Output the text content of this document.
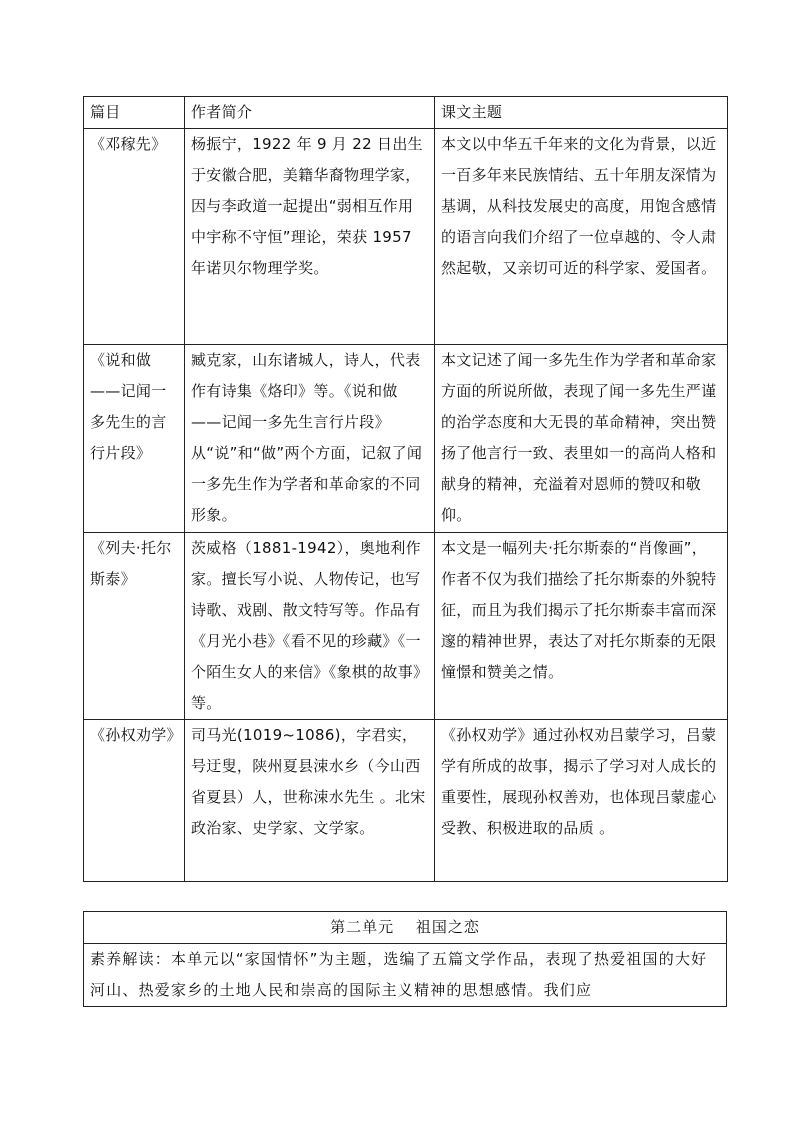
篇目	作者简介	课文主题
《邓稼先》	杨振宁，1922 年 9 月 22 日出生于安徽合肥，美籍华裔物理学家，因与李政道一起提出“弱相互作用中宇称不守恒”理论，荣获 1957 年诺贝尔物理学奖。	本文以中华五千年来的文化为背景，以近一百多年来民族情结、五十年朋友深情为基调，从科技发展史的高度，用饱含感情的语言向我们介绍了一位卓越的、令人肃然起敬，又亲切可近的科学家、爱国者。
《说和做——记闻一多先生的言行片段》	臧克家，山东诸城人，诗人，代表作有诗集《烙印》等。《说和做——记闻一多先生言行片段》从“说”和“做”两个方面，记叙了闻一多先生作为学者和革命家的不同形象。	本文记述了闻一多先生作为学者和革命家方面的所说所做，表现了闻一多先生严谨的治学态度和大无畏的革命精神，突出赞扬了他言行一致、表里如一的高尚人格和献身的精神，充溢着对恩师的赞叹和敬仰。
《列夫·托尔斯泰》	茨威格（1881-1942），奥地利作家。擅长写小说、人物传记，也写诗歌、戏剧、散文特写等。作品有《月光小巷》《看不见的珍藏》《一个陌生女人的来信》《象棋的故事》等。	本文是一幅列夫·托尔斯泰的“肖像画”，作者不仅为我们描绘了托尔斯泰的外貌特征，而且为我们揭示了托尔斯泰丰富而深邃的精神世界，表达了对托尔斯泰的无限憧憬和赞美之情。
《孙权劝学》	司马光(1019~1086)，字君实，号迂叟，陕州夏县涑水乡（今山西省夏县）人，世称涑水先生 。北宋政治家、史学家、文学家。	《孙权劝学》通过孙权劝吕蒙学习，吕蒙学有所成的故事，揭示了学习对人成长的重要性，展现孙权善劝，也体现吕蒙虚心受教、积极进取的品质 。
第二单元　 祖国之恋
素养解读：本单元以“家国情怀”为主题，选编了五篇文学作品，表现了热爱祖国的大好河山、热爱家乡的土地人民和崇高的国际主义精神的思想感情。我们应
